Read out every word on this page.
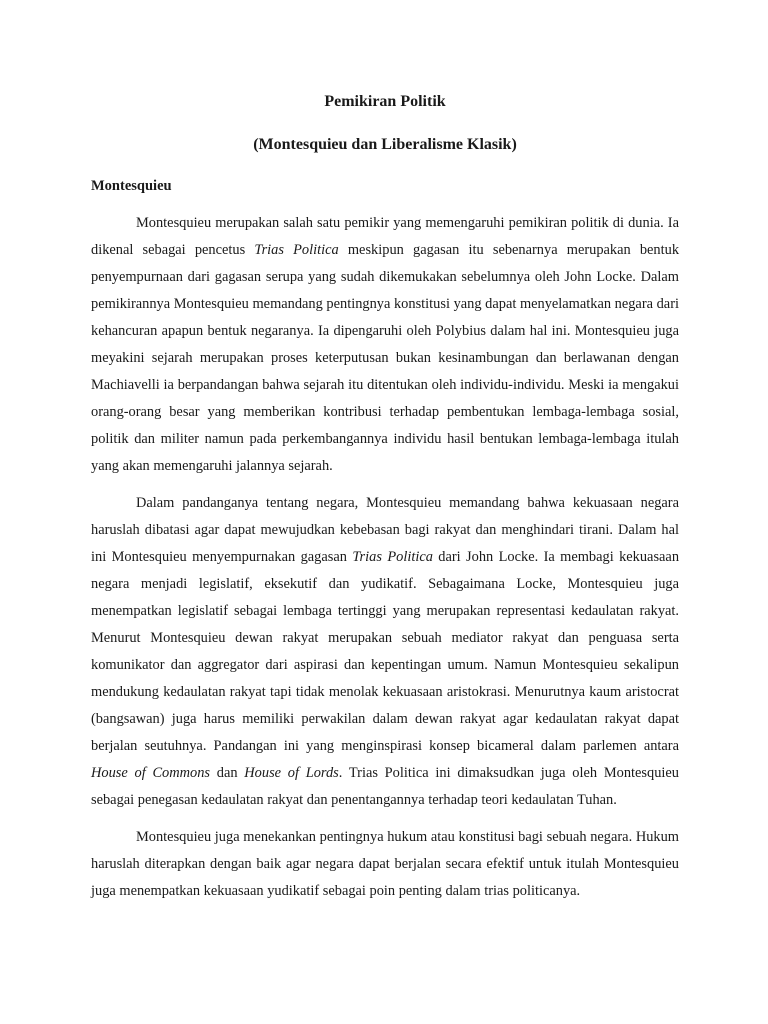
Pemikiran Politik
(Montesquieu dan Liberalisme Klasik)
Montesquieu

Montesquieu merupakan salah satu pemikir yang memengaruhi pemikiran politik di dunia. Ia dikenal sebagai pencetus Trias Politica meskipun gagasan itu sebenarnya merupakan bentuk penyempurnaan dari gagasan serupa yang sudah dikemukakan sebelumnya oleh John Locke. Dalam pemikirannya Montesquieu memandang pentingnya konstitusi yang dapat menyelamatkan negara dari kehancuran apapun bentuk negaranya. Ia dipengaruhi oleh Polybius dalam hal ini. Montesquieu juga meyakini sejarah merupakan proses keterputusan bukan kesinambungan dan berlawanan dengan Machiavelli ia berpandangan bahwa sejarah itu ditentukan oleh individu-individu. Meski ia mengakui orang-orang besar yang memberikan kontribusi terhadap pembentukan lembaga-lembaga sosial, politik dan militer namun pada perkembangannya individu hasil bentukan lembaga-lembaga itulah yang akan memengaruhi jalannya sejarah.

Dalam pandanganya tentang negara, Montesquieu memandang bahwa kekuasaan negara haruslah dibatasi agar dapat mewujudkan kebebasan bagi rakyat dan menghindari tirani. Dalam hal ini Montesquieu menyempurnakan gagasan Trias Politica dari John Locke. Ia membagi kekuasaan negara menjadi legislatif, eksekutif dan yudikatif. Sebagaimana Locke, Montesquieu juga menempatkan legislatif sebagai lembaga tertinggi yang merupakan representasi kedaulatan rakyat. Menurut Montesquieu dewan rakyat merupakan sebuah mediator rakyat dan penguasa serta komunikator dan aggregator dari aspirasi dan kepentingan umum. Namun Montesquieu sekalipun mendukung kedaulatan rakyat tapi tidak menolak kekuasaan aristokrasi. Menurutnya kaum aristocrat (bangsawan) juga harus memiliki perwakilan dalam dewan rakyat agar kedaulatan rakyat dapat berjalan seutuhnya. Pandangan ini yang menginspirasi konsep bicameral dalam parlemen antara House of Commons dan House of Lords. Trias Politica ini dimaksudkan juga oleh Montesquieu sebagai penegasan kedaulatan rakyat dan penentangannya terhadap teori kedaulatan Tuhan.

Montesquieu juga menekankan pentingnya hukum atau konstitusi bagi sebuah negara. Hukum haruslah diterapkan dengan baik agar negara dapat berjalan secara efektif untuk itulah Montesquieu juga menempatkan kekuasaan yudikatif sebagai poin penting dalam trias politicanya.
